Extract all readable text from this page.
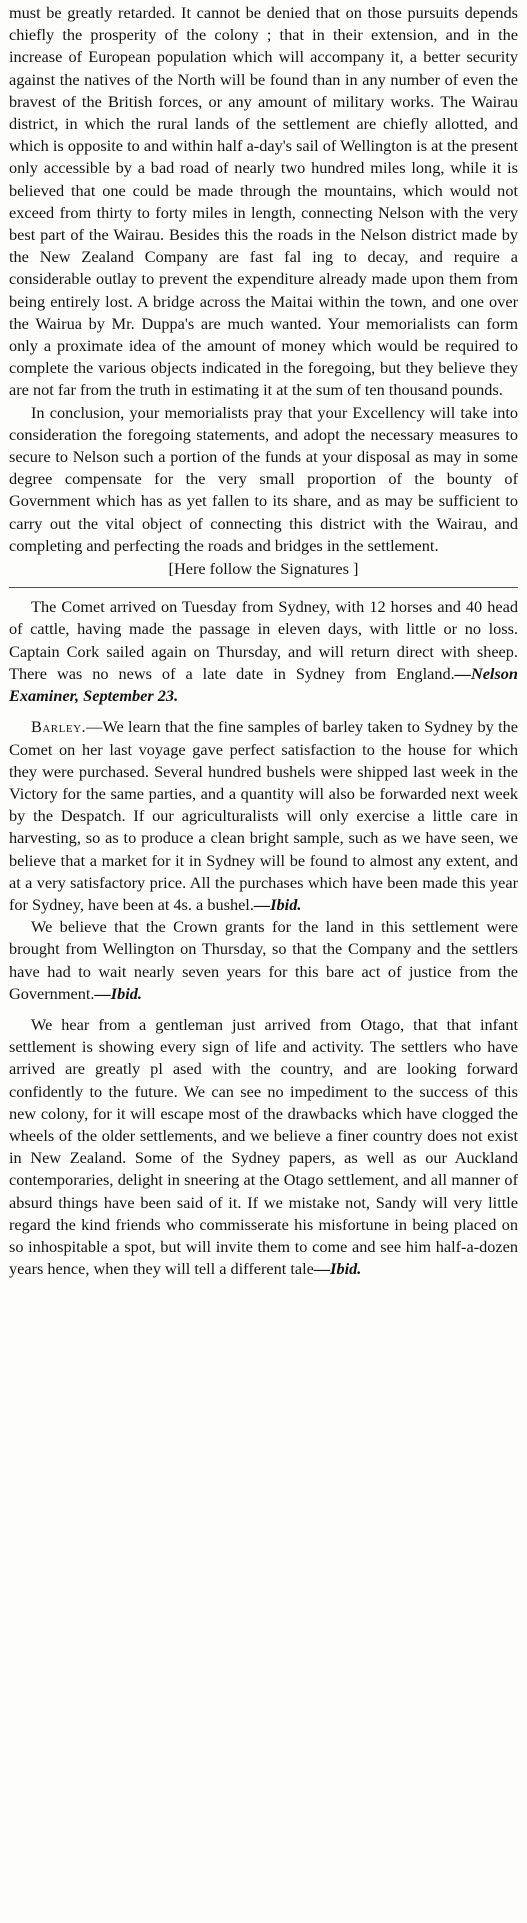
must be greatly retarded. It cannot be denied that on those pursuits depends chiefly the prosperity of the colony ; that in their extension, and in the increase of European population which will accompany it, a better security against the natives of the North will be found than in any number of even the bravest of the British forces, or any amount of military works. The Wairau district, in which the rural lands of the settlement are chiefly allotted, and which is opposite to and within half a-day's sail of Wellington is at the present only accessible by a bad road of nearly two hundred miles long, while it is believed that one could be made through the mountains, which would not exceed from thirty to forty miles in length, connecting Nelson with the very best part of the Wairau. Besides this the roads in the Nelson district made by the New Zealand Company are fast fal ing to decay, and require a considerable outlay to prevent the expenditure already made upon them from being entirely lost. A bridge across the Maitai within the town, and one over the Wairua by Mr. Duppa's are much wanted. Your memorialists can form only a proximate idea of the amount of money which would be required to complete the various objects indicated in the foregoing, but they believe they are not far from the truth in estimating it at the sum of ten thousand pounds.

In conclusion, your memorialists pray that your Excellency will take into consideration the foregoing statements, and adopt the necessary measures to secure to Nelson such a portion of the funds at your disposal as may in some degree compensate for the very small proportion of the bounty of Government which has as yet fallen to its share, and as may be sufficient to carry out the vital object of connecting this district with the Wairau, and completing and perfecting the roads and bridges in the settlement.

[Here follow the Signatures ]

The Comet arrived on Tuesday from Sydney, with 12 horses and 40 head of cattle, having made the passage in eleven days, with little or no loss. Captain Cork sailed again on Thursday, and will return direct with sheep. There was no news of a late date in Sydney from England.—Nelson Examiner, September 23.

Barley.—We learn that the fine samples of barley taken to Sydney by the Comet on her last voyage gave perfect satisfaction to the house for which they were purchased. Several hundred bushels were shipped last week in the Victory for the same parties, and a quantity will also be forwarded next week by the Despatch. If our agriculturalists will only exercise a little care in harvesting, so as to produce a clean bright sample, such as we have seen, we believe that a market for it in Sydney will be found to almost any extent, and at a very satisfactory price. All the purchases which have been made this year for Sydney, have been at 4s. a bushel.—Ibid.

We believe that the Crown grants for the land in this settlement were brought from Wellington on Thursday, so that the Company and the settlers have had to wait nearly seven years for this bare act of justice from the Government.—Ibid.

We hear from a gentleman just arrived from Otago, that that infant settlement is showing every sign of life and activity. The settlers who have arrived are greatly pl ased with the country, and are looking forward confidently to the future. We can see no impediment to the success of this new colony, for it will escape most of the drawbacks which have clogged the wheels of the older settlements, and we believe a finer country does not exist in New Zealand. Some of the Sydney papers, as well as our Auckland contemporaries, delight in sneering at the Otago settlement, and all manner of absurd things have been said of it. If we mistake not, Sandy will very little regard the kind friends who commisserate his misfortune in being placed on so inhospitable a spot, but will invite them to come and see him half-a-dozen years hence, when they will tell a different tale—Ibid.
